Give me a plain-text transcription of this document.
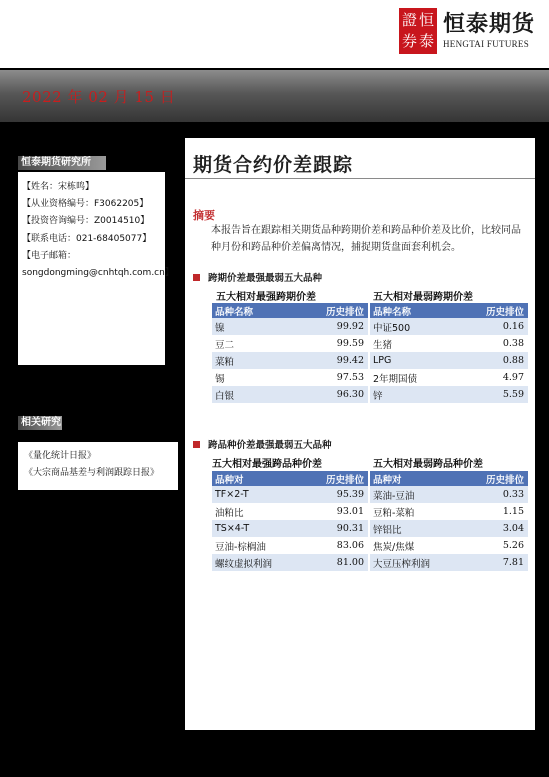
證 恒
券 泰
恒泰期货
HENGTAI FUTURES
2022 年 02 月 15 日
恒泰期货研究所
【姓名：宋栋鸣】
【从业资格编号：F3062205】
【投资咨询编号：Z0014510】
【联系电话：021-68405077】
【电子邮箱：
songdongming@cnhtqh.com.cn】
相关研究
《量化统计日报》
《大宗商品基差与利润跟踪日报》
期货合约价差跟踪
摘要
本报告旨在跟踪相关期货品种跨期价差和跨品种价差及比价，比较同品种月份和跨品种价差偏离情况，捕捉期货盘面套利机会。
跨期价差最强最弱五大品种
五大相对最强跨期价差	五大相对最弱跨期价差
品种名称	历史排位	品种名称	历史排位
镍	99.92	中证500	0.16
豆二	99.59	生猪	0.38
菜粕	99.42	LPG	0.88
锡	97.53	2年期国债	4.97
白银	96.30	锌	5.59
跨品种价差最强最弱五大品种
五大相对最强跨品种价差	五大相对最弱跨品种价差
品种对	历史排位	品种对	历史排位
TF×2-T	95.39	菜油-豆油	0.33
油粕比	93.01	豆粕-菜粕	1.15
TS×4-T	90.31	锌铝比	3.04
豆油-棕榈油	83.06	焦炭/焦煤	5.26
螺纹虚拟利润	81.00	大豆压榨利润	7.81
